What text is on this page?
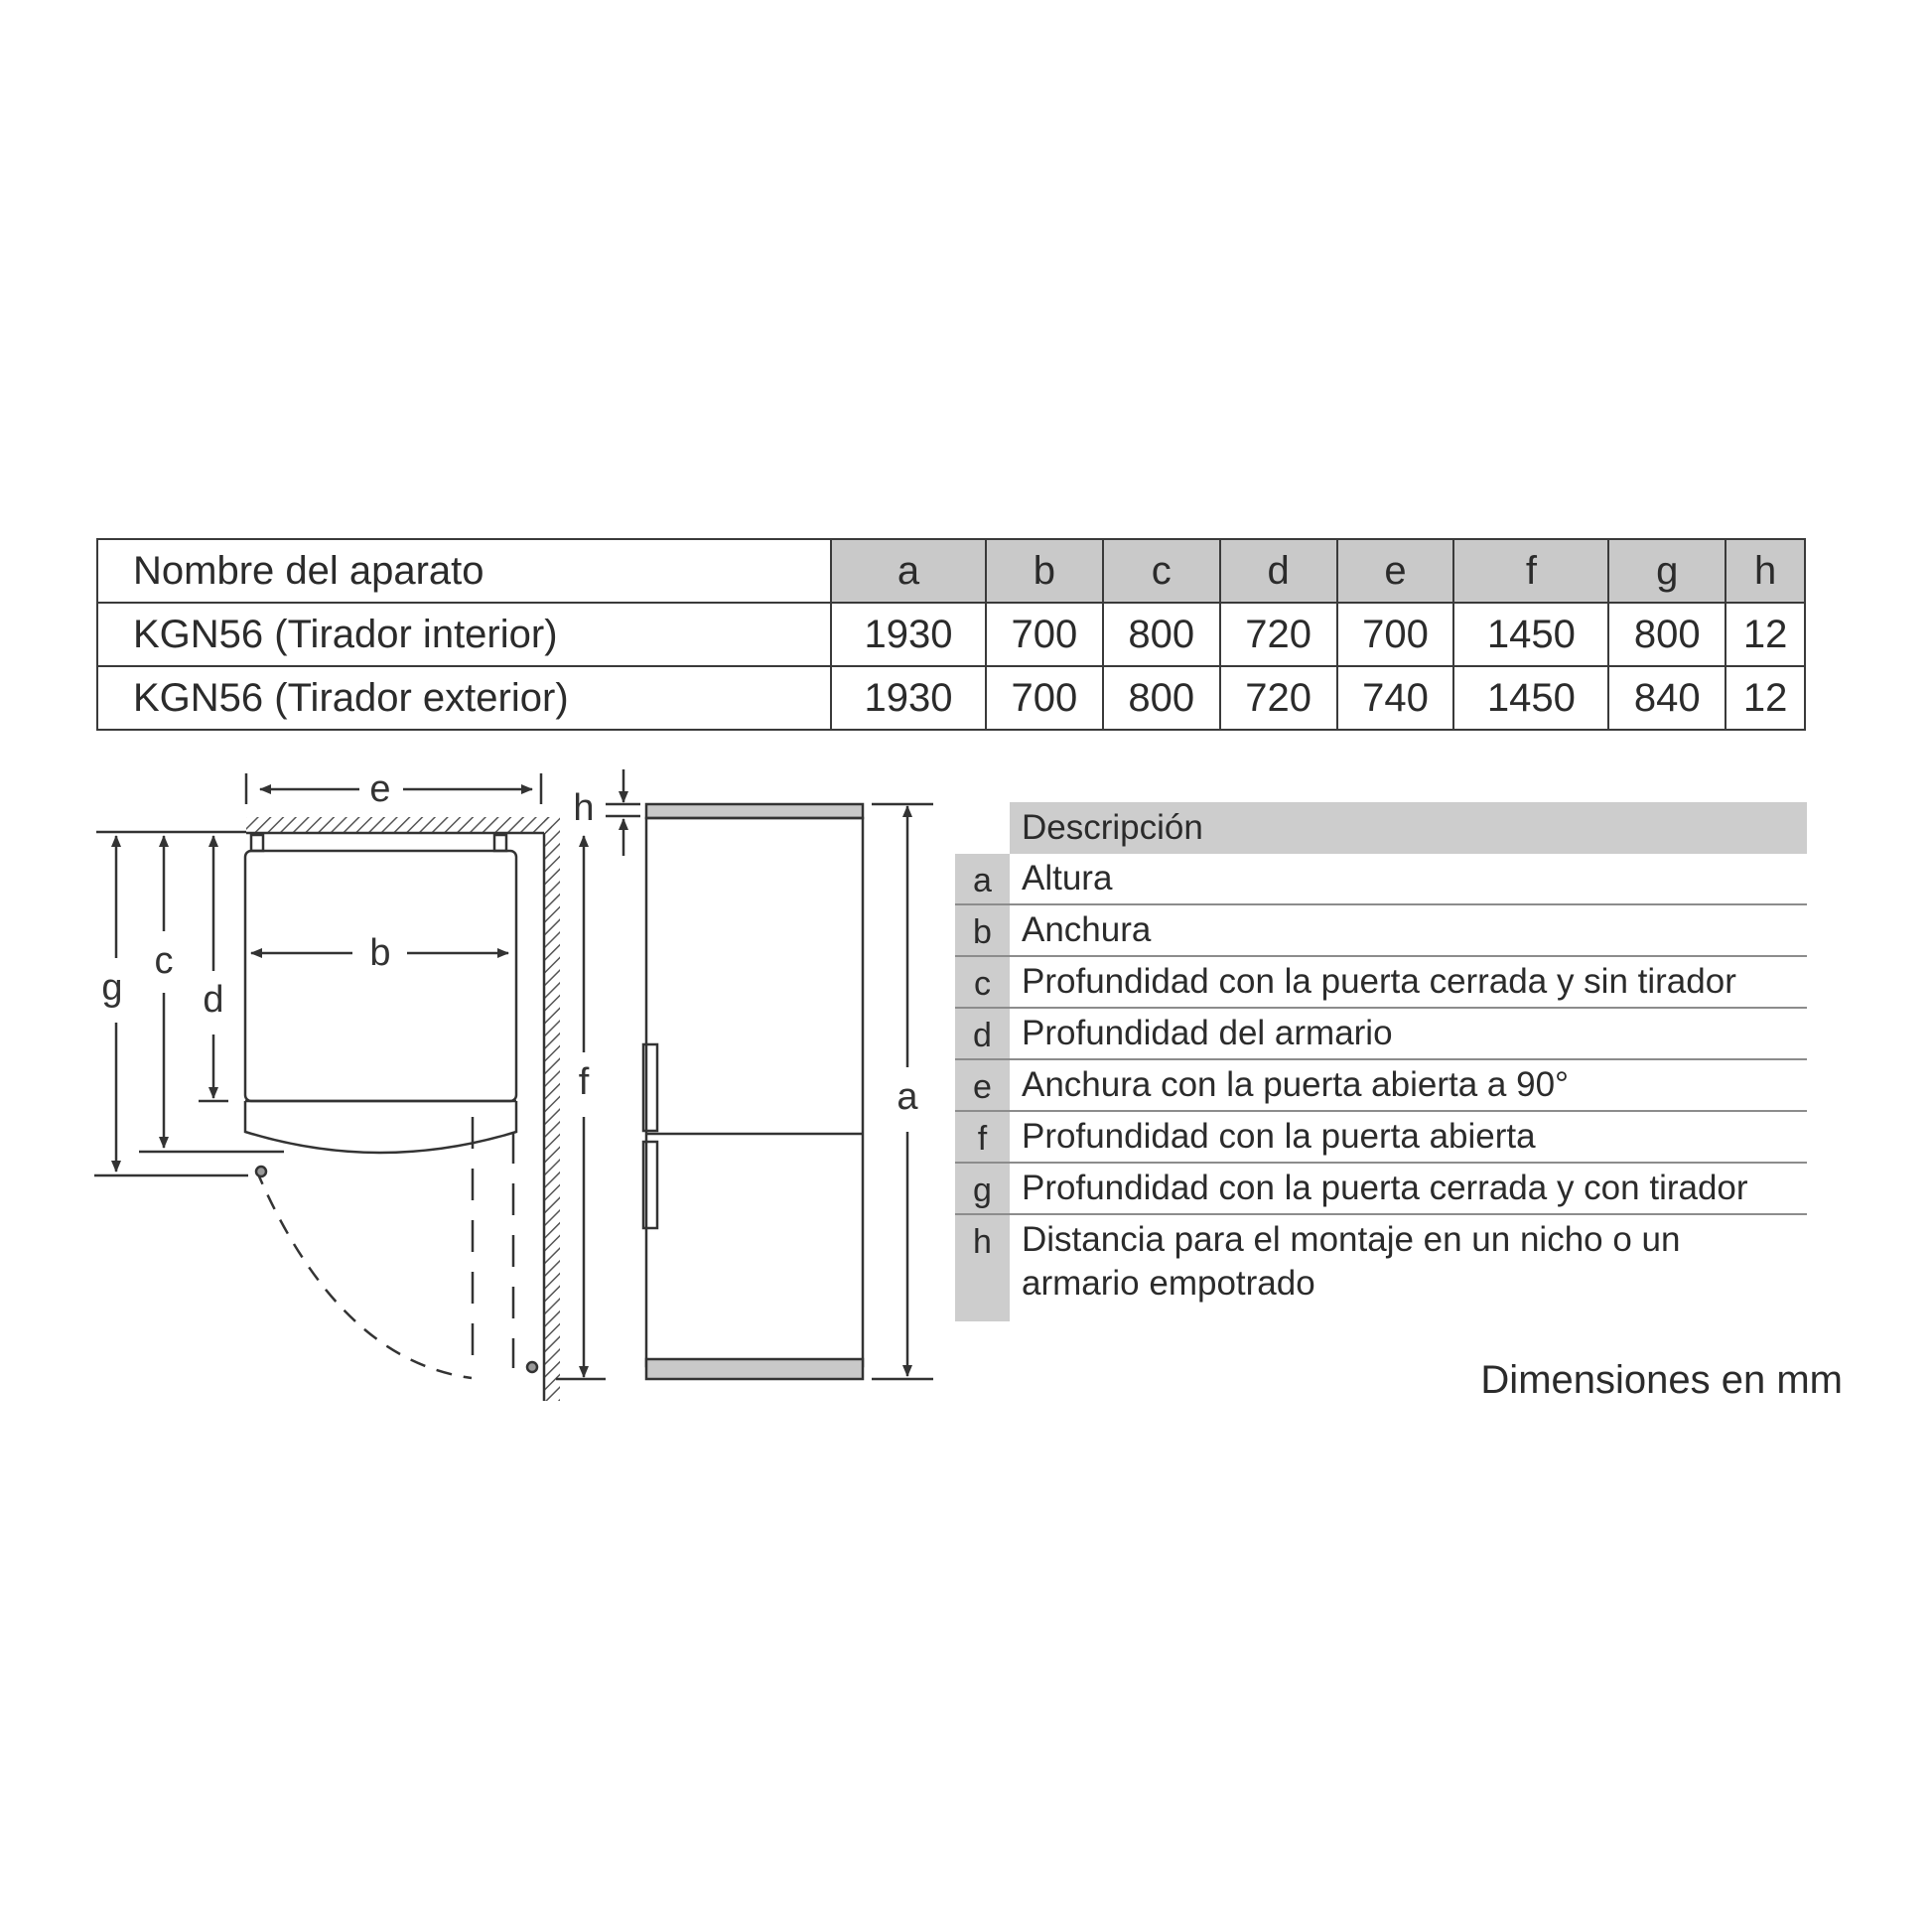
Nombre del aparato	a	b	c	d	e	f	g	h
KGN56 (Tirador interior)	1930	700	800	720	700	1450	800	12
KGN56 (Tirador exterior)	1930	700	800	720	740	1450	840	12
e
b
c
d
g
f
h
a
Descripción
a Altura
b Anchura
c Profundidad con la puerta cerrada y sin tirador
d Profundidad del armario
e Anchura con la puerta abierta a 90°
f Profundidad con la puerta abierta
g Profundidad con la puerta cerrada y con tirador
h Distancia para el montaje en un nicho o un armario empotrado
Dimensiones en mm
